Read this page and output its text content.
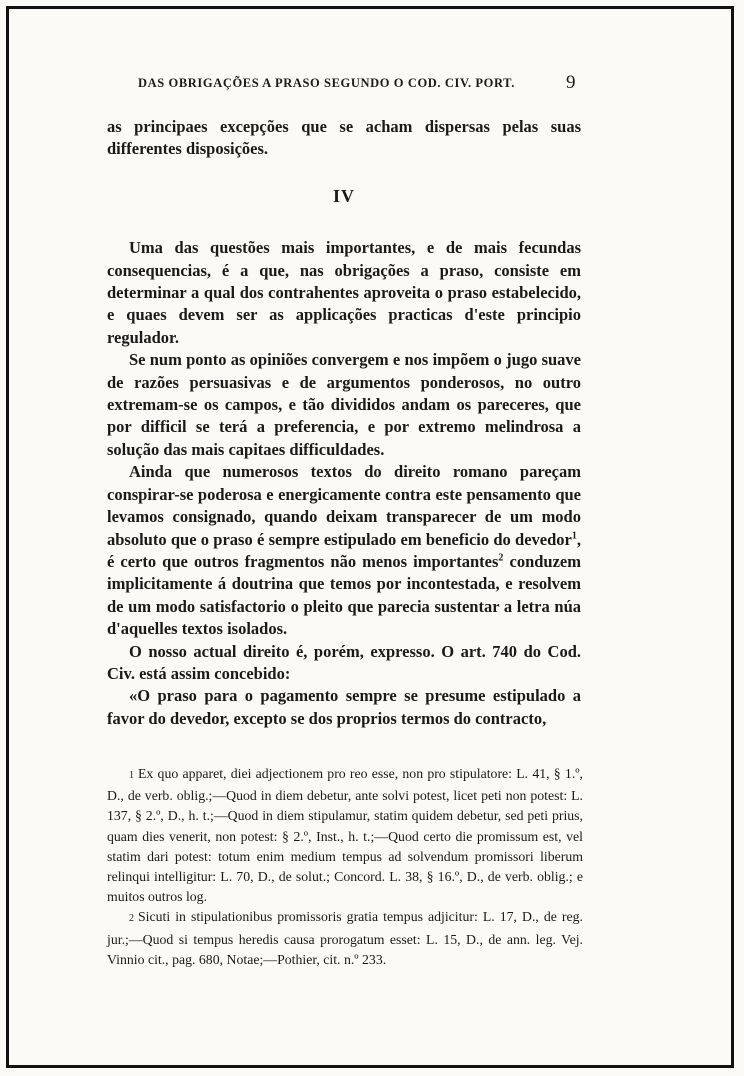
DAS OBRIGAÇÕES A PRASO SEGUNDO O COD. CIV. PORT.	9

as principaes excepções que se acham dispersas pelas suas differentes disposições.

IV

Uma das questões mais importantes, e de mais fecundas consequencias, é a que, nas obrigações a praso, consiste em determinar a qual dos contrahentes aproveita o praso estabelecido, e quaes devem ser as applicações practicas d'este principio regulador.

Se num ponto as opiniões convergem e nos impõem o jugo suave de razões persuasivas e de argumentos ponderosos, no outro extremam-se os campos, e tão divididos andam os pareceres, que por difficil se terá a preferencia, e por extremo melindrosa a solução das mais capitaes difficuldades.

Ainda que numerosos textos do direito romano pareçam conspirar-se poderosa e energicamente contra este pensamento que levamos consignado, quando deixam transparecer de um modo absoluto que o praso é sempre estipulado em beneficio do devedor$^1$, é certo que outros fragmentos não menos importantes$^2$ conduzem implicitamente á doutrina que temos por incontestada, e resolvem de um modo satisfactorio o pleito que parecia sustentar a letra núa d'aquelles textos isolados.

O nosso actual direito é, porém, expresso. O art. 740 do Cod. Civ. está assim concebido:

«O praso para o pagamento sempre se presume estipulado a favor do devedor, excepto se dos proprios termos do contracto,

1 Ex quo apparet, diei adjectionem pro reo esse, non pro stipulatore: L. 41, § 1.º, D., de verb. oblig.;—Quod in diem debetur, ante solvi potest, licet peti non potest: L. 137, § 2.º, D., h. t.;—Quod in diem stipulamur, statim quidem debetur, sed peti prius, quam dies venerit, non potest: § 2.º, Inst., h. t.;—Quod certo die promissum est, vel statim dari potest: totum enim medium tempus ad solvendum promissori liberum relinqui intelligitur: L. 70, D., de solut.; Concord. L. 38, § 16.º, D., de verb. oblig.; e muitos outros log.

2 Sicuti in stipulationibus promissoris gratia tempus adjicitur: L. 17, D., de reg. jur.;—Quod si tempus heredis causa prorogatum esset: L. 15, D., de ann. leg. Vej. Vinnio cit., pag. 680, Notae;—Pothier, cit. n.º 233.
